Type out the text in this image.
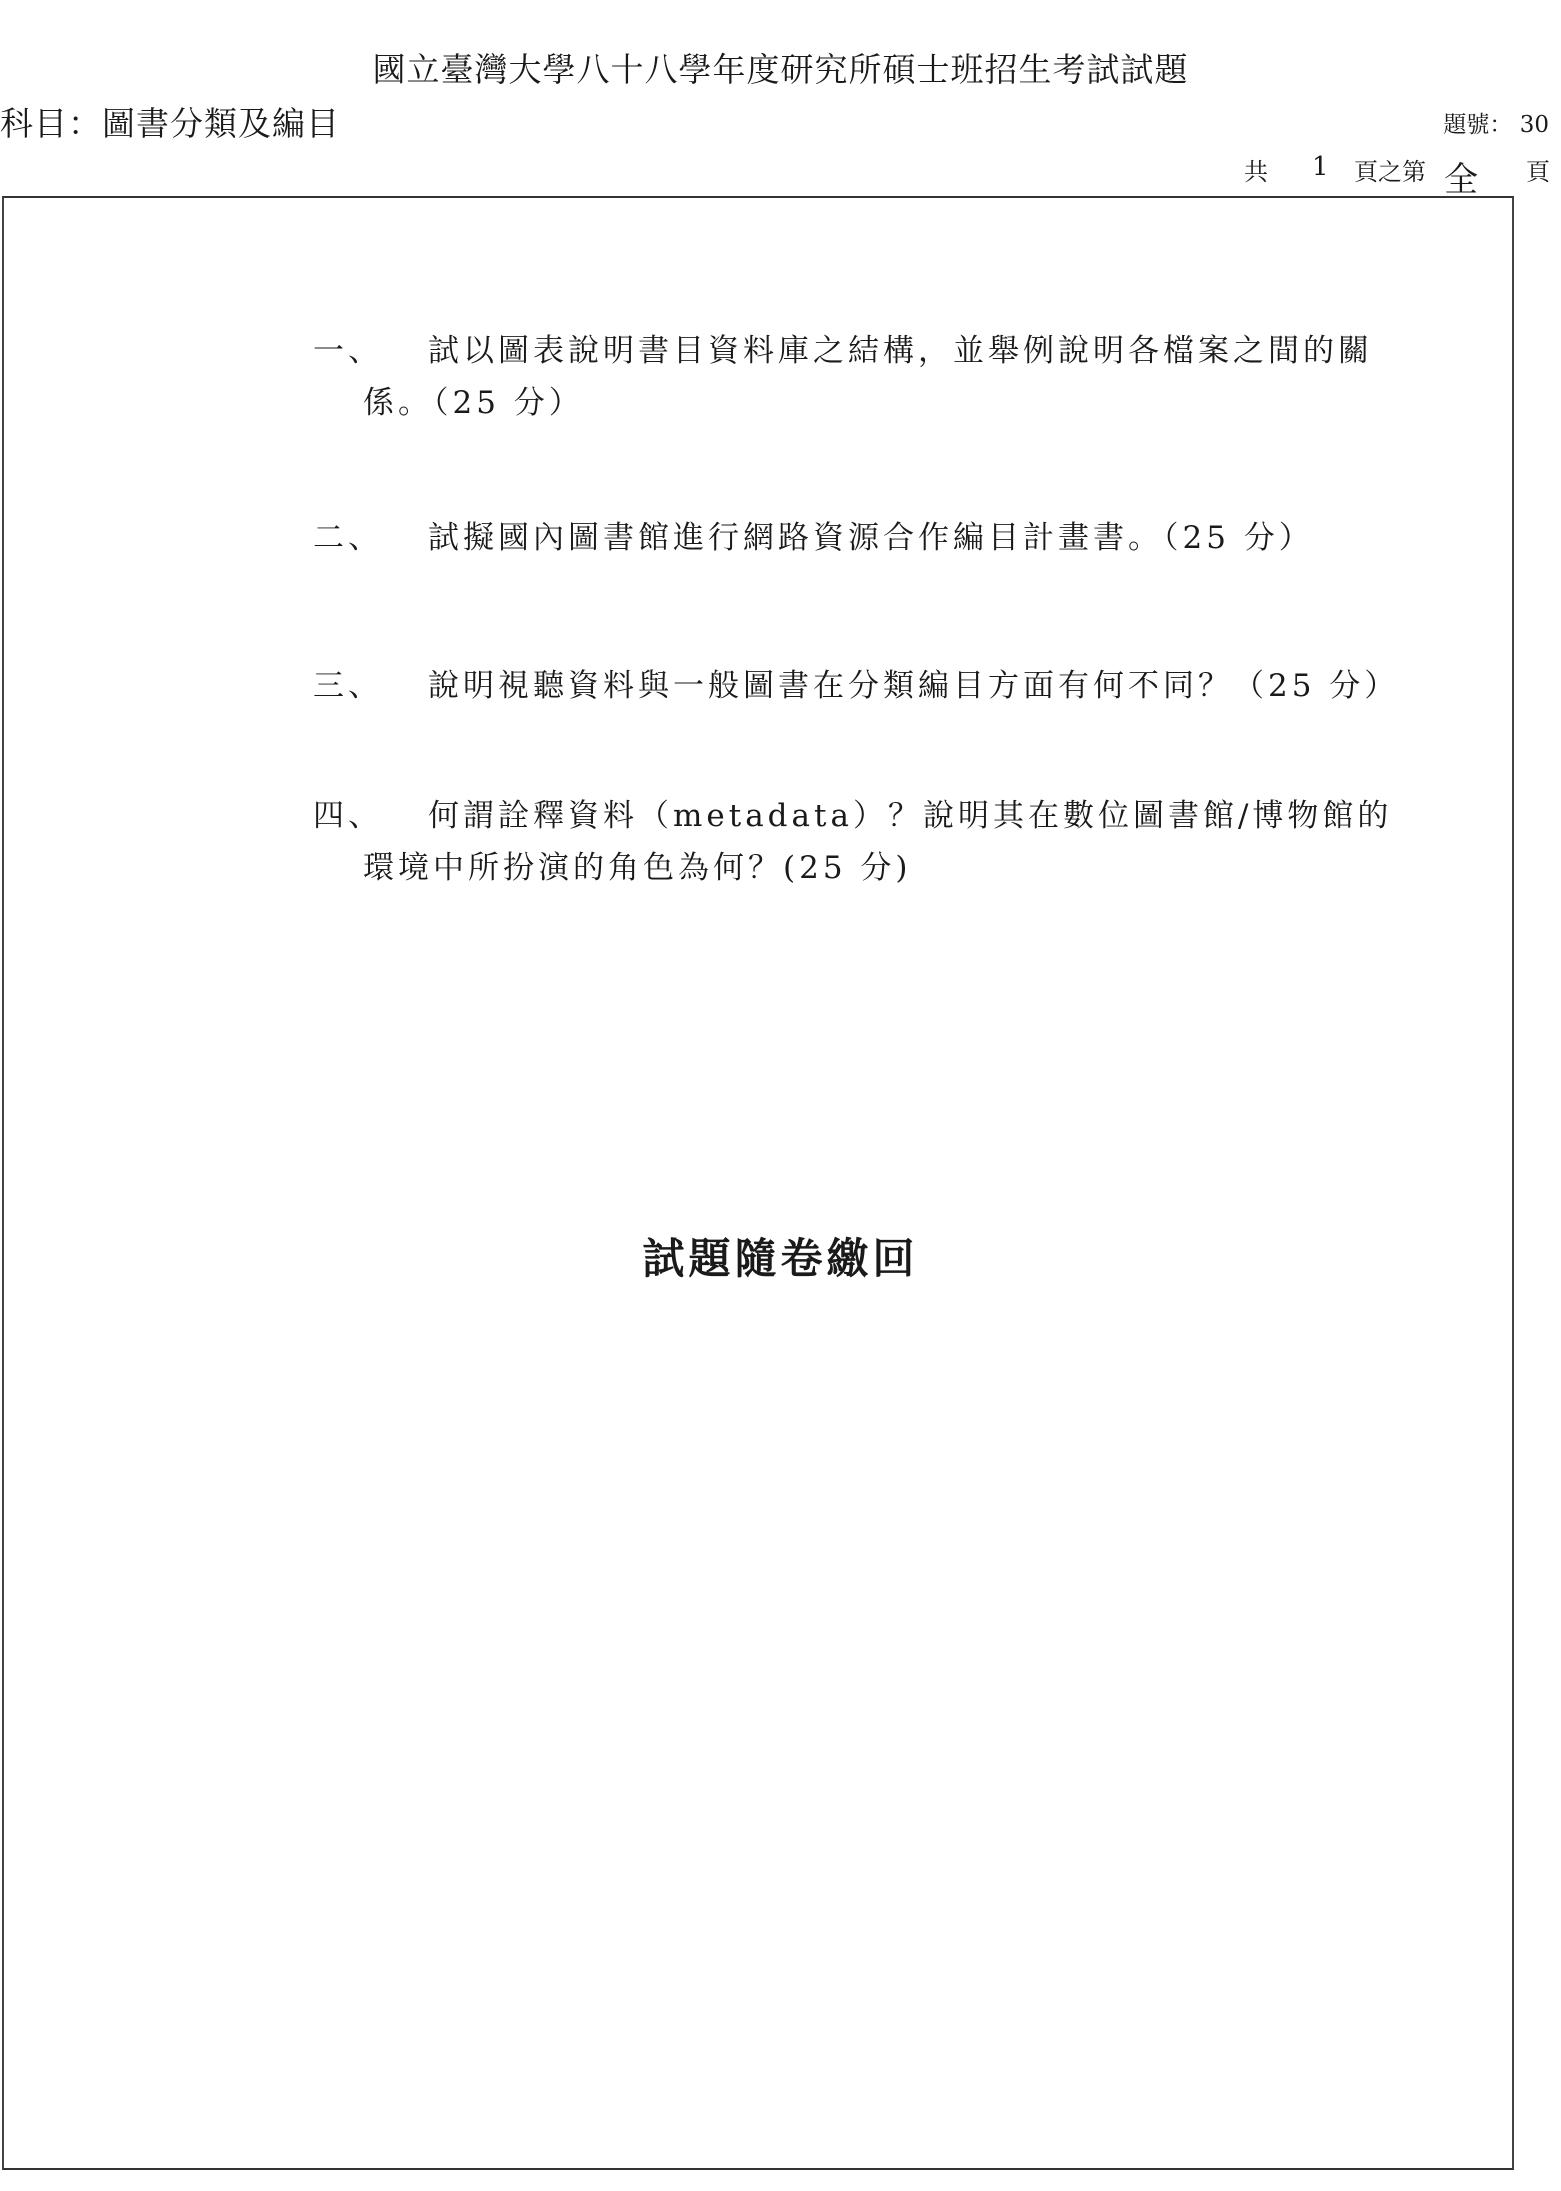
國立臺灣大學八十八學年度研究所碩士班招生考試試題
科目：圖書分類及編目	題號： 30
共 1 頁之第 全 頁
一、	試以圖表說明書目資料庫之結構，並舉例說明各檔案之間的關係。（25 分）
二、	試擬國內圖書館進行網路資源合作編目計畫書。（25 分）
三、	說明視聽資料與一般圖書在分類編目方面有何不同？（25 分）
四、	何謂詮釋資料（metadata）？說明其在數位圖書館/博物館的環境中所扮演的角色為何？(25 分)
試題隨卷繳回
